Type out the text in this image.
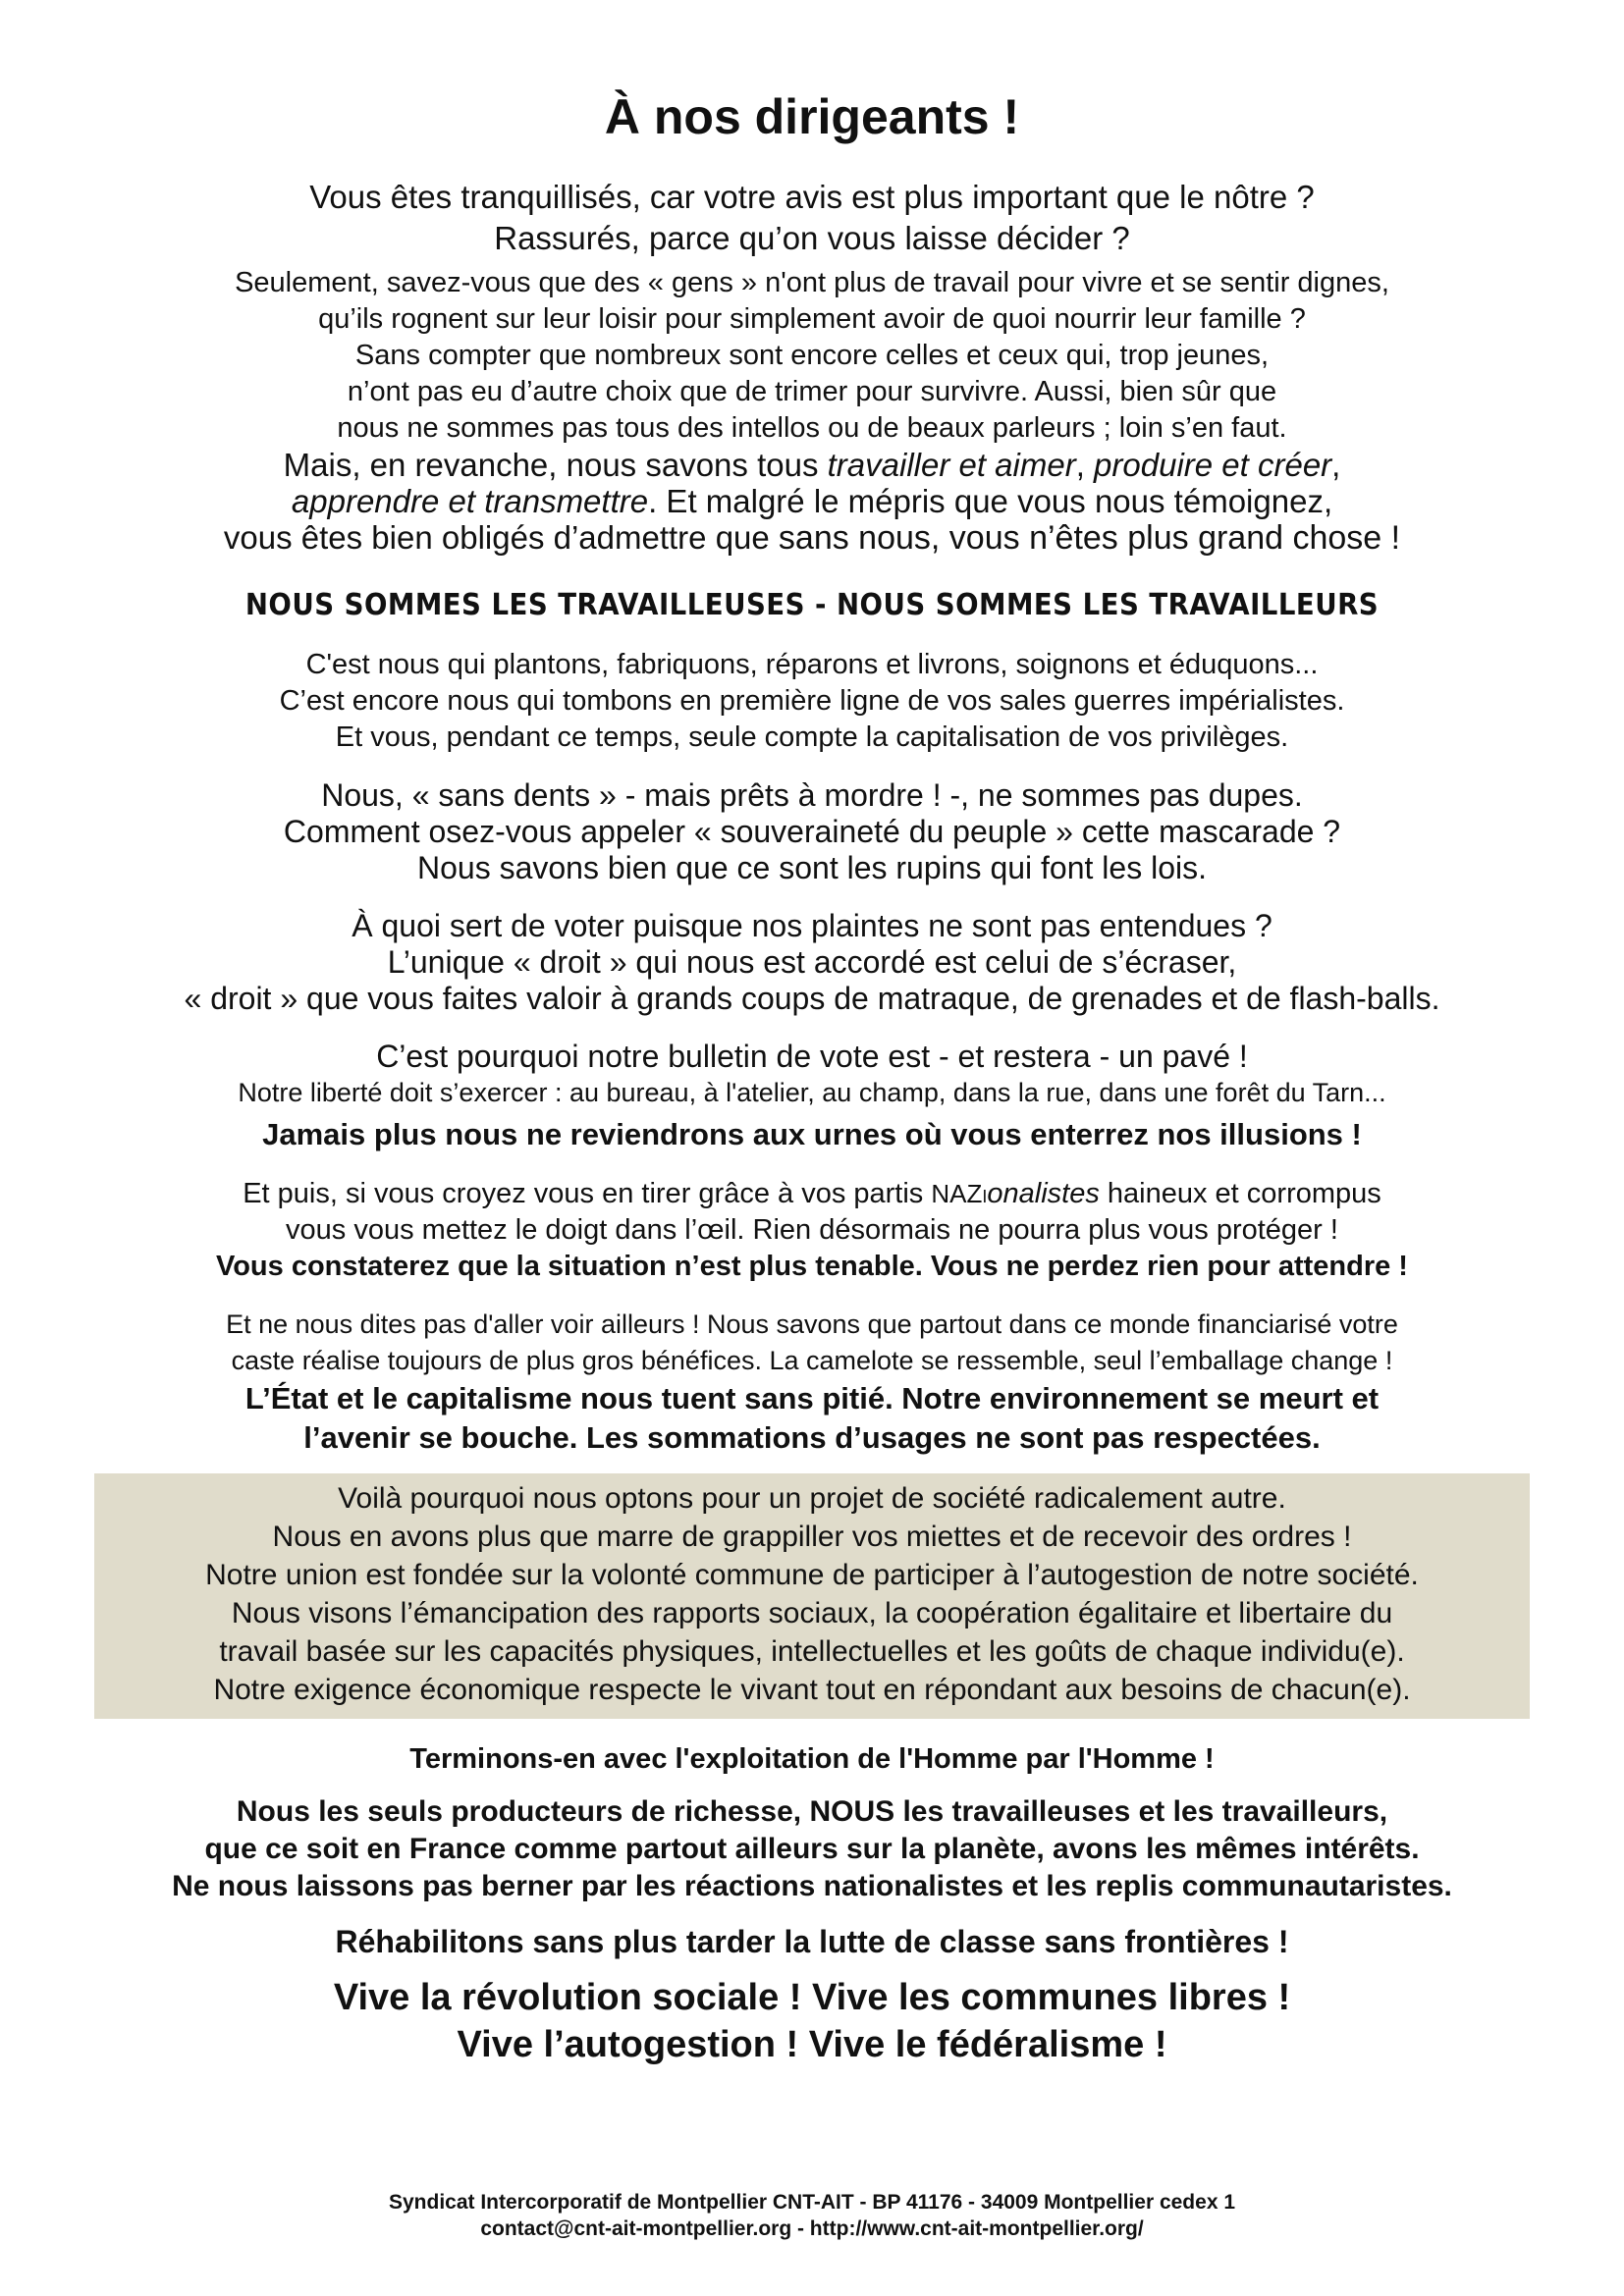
À nos dirigeants !
Vous êtes tranquillisés, car votre avis est plus important que le nôtre ?
Rassurés, parce qu’on vous laisse décider ?
Seulement, savez-vous que des « gens » n'ont plus de travail pour vivre et se sentir dignes,
qu’ils rognent sur leur loisir pour simplement avoir de quoi nourrir leur famille ?
Sans compter que nombreux sont encore celles et ceux qui, trop jeunes,
n’ont pas eu d’autre choix que de trimer pour survivre. Aussi, bien sûr que
nous ne sommes pas tous des intellos ou de beaux parleurs ; loin s’en faut.
Mais, en revanche, nous savons tous travailler et aimer, produire et créer,
apprendre et transmettre. Et malgré le mépris que vous nous témoignez,
vous êtes bien obligés d’admettre que sans nous, vous n’êtes plus grand chose !
NOUS SOMMES LES TRAVAILLEUSES - NOUS SOMMES LES TRAVAILLEURS
C'est nous qui plantons, fabriquons, réparons et livrons, soignons et éduquons...
C’est encore nous qui tombons en première ligne de vos sales guerres impérialistes.
Et vous, pendant ce temps, seule compte la capitalisation de vos privilèges.
Nous, « sans dents » - mais prêts à mordre ! -, ne sommes pas dupes.
Comment osez-vous appeler « souveraineté du peuple » cette mascarade ?
Nous savons bien que ce sont les rupins qui font les lois.
À quoi sert de voter puisque nos plaintes ne sont pas entendues ?
L’unique « droit » qui nous est accordé est celui de s’écraser,
« droit » que vous faites valoir à grands coups de matraque, de grenades et de flash-balls.
C’est pourquoi notre bulletin de vote est - et restera - un pavé !
Notre liberté doit s’exercer : au bureau, à l'atelier, au champ, dans la rue, dans une forêt du Tarn...
Jamais plus nous ne reviendrons aux urnes où vous enterrez nos illusions !
Et puis, si vous croyez vous en tirer grâce à vos partis NAZionalistes haineux et corrompus
vous vous mettez le doigt dans l’œil. Rien désormais ne pourra plus vous protéger !
Vous constaterez que la situation n’est plus tenable. Vous ne perdez rien pour attendre !
Et ne nous dites pas d'aller voir ailleurs ! Nous savons que partout dans ce monde financiarisé votre
caste réalise toujours de plus gros bénéfices. La camelote se ressemble, seul l’emballage change !
L’État et le capitalisme nous tuent sans pitié. Notre environnement se meurt et
l’avenir se bouche. Les sommations d’usages ne sont pas respectées.
Voilà pourquoi nous optons pour un projet de société radicalement autre.
Nous en avons plus que marre de grappiller vos miettes et de recevoir des ordres !
Notre union est fondée sur la volonté commune de participer à l’autogestion de notre société.
Nous visons l’émancipation des rapports sociaux, la coopération égalitaire et libertaire du
travail basée sur les capacités physiques, intellectuelles et les goûts de chaque individu(e).
Notre exigence économique respecte le vivant tout en répondant aux besoins de chacun(e).
Terminons-en avec l'exploitation de l'Homme par l'Homme !
Nous les seuls producteurs de richesse, NOUS les travailleuses et les travailleurs,
que ce soit en France comme partout ailleurs sur la planète, avons les mêmes intérêts.
Ne nous laissons pas berner par les réactions nationalistes et les replis communautaristes.
Réhabilitons sans plus tarder la lutte de classe sans frontières !
Vive la révolution sociale ! Vive les communes libres !
Vive l’autogestion ! Vive le fédéralisme !
Syndicat Intercorporatif de Montpellier CNT-AIT - BP 41176 - 34009 Montpellier cedex 1
contact@cnt-ait-montpellier.org - http://www.cnt-ait-montpellier.org/
